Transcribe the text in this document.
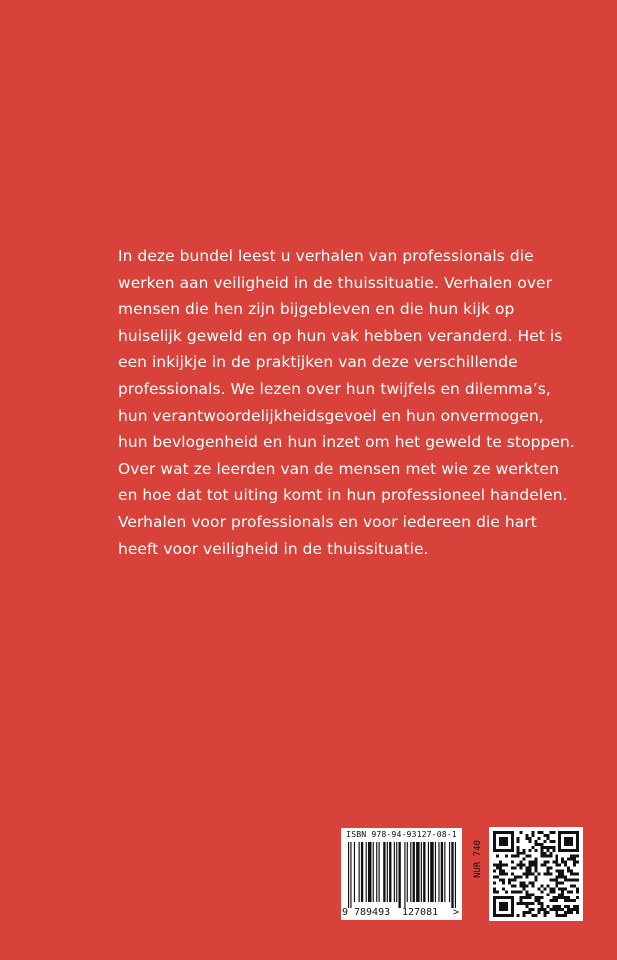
In deze bundel leest u verhalen van professionals die
werken aan veiligheid in de thuissituatie. Verhalen over
mensen die hen zijn bijgebleven en die hun kijk op
huiselijk geweld en op hun vak hebben veranderd. Het is
een inkijkje in de praktijken van deze verschillende
professionals. We lezen over hun twijfels en dilemma’s,
hun verantwoordelijkheidsgevoel en hun onvermogen,
hun bevlogenheid en hun inzet om het geweld te stoppen.
Over wat ze leerden van de mensen met wie ze werkten
en hoe dat tot uiting komt in hun professioneel handelen.
Verhalen voor professionals en voor iedereen die hart
heeft voor veiligheid in de thuissituatie.
ISBN 978-94-93127-08-1
9 789493 127081 >
NUR 740
